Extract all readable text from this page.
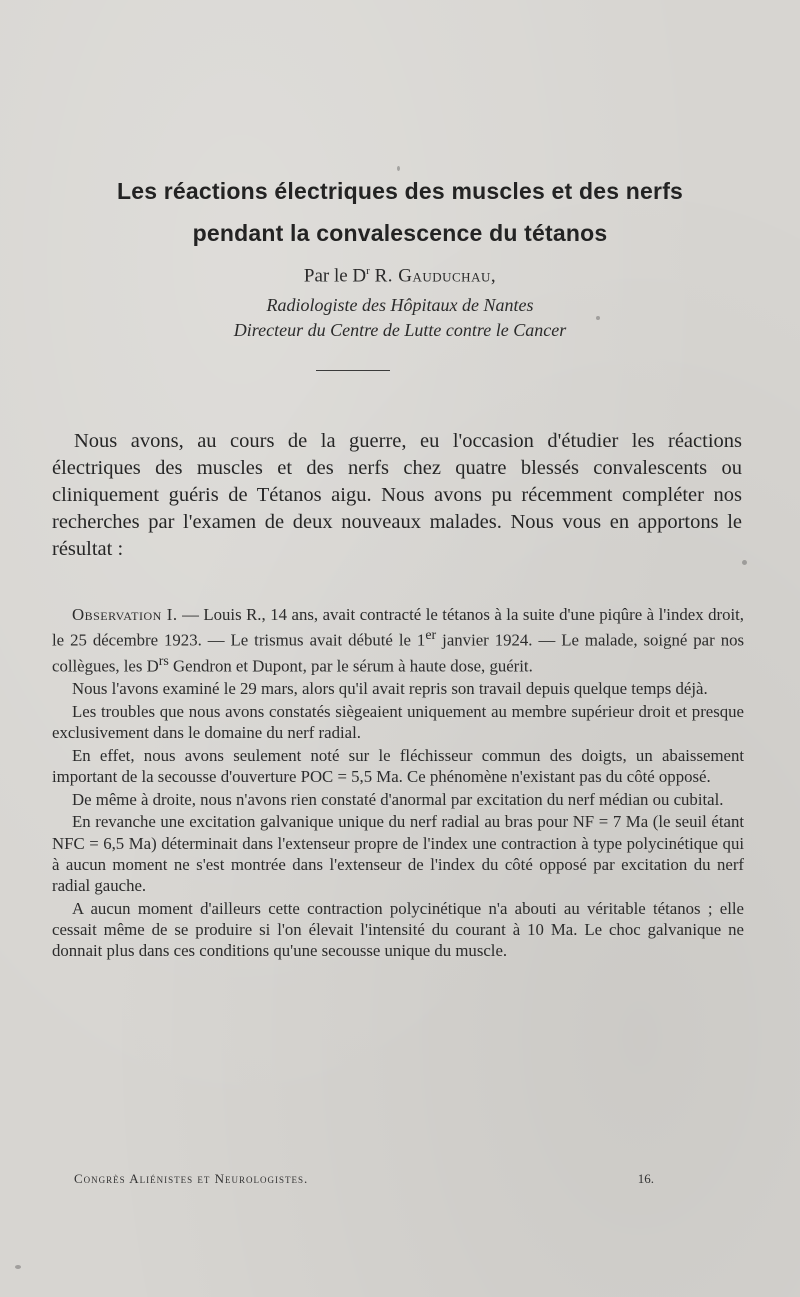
Les réactions électriques des muscles et des nerfs
pendant la convalescence du tétanos
Par le $D^r$ R. Gauduchau,
Radiologiste des Hôpitaux de Nantes
Directeur du Centre de Lutte contre le Cancer

Nous avons, au cours de la guerre, eu l'occasion d'étudier les réactions électriques des muscles et des nerfs chez quatre blessés convalescents ou cliniquement guéris de Tétanos aigu. Nous avons pu récemment compléter nos recherches par l'examen de deux nouveaux malades. Nous vous en apportons le résultat :

Observation I. — Louis R., 14 ans, avait contracté le tétanos à la suite d'une piqûre à l'index droit, le 25 décembre 1923. — Le trismus avait débuté le 1er janvier 1924. — Le malade, soigné par nos collègues, les $D^{rs}$ Gendron et Dupont, par le sérum à haute dose, guérit.

Nous l'avons examiné le 29 mars, alors qu'il avait repris son travail depuis quelque temps déjà.

Les troubles que nous avons constatés siègeaient uniquement au membre supérieur droit et presque exclusivement dans le domaine du nerf radial.

En effet, nous avons seulement noté sur le fléchisseur commun des doigts, un abaissement important de la secousse d'ouverture POC = 5,5 Ma. Ce phénomène n'existant pas du côté opposé.

De même à droite, nous n'avons rien constaté d'anormal par excitation du nerf médian ou cubital.

En revanche une excitation galvanique unique du nerf radial au bras pour NF = 7 Ma (le seuil étant NFC = 6,5 Ma) déterminait dans l'extenseur propre de l'index une contraction à type polycinétique qui à aucun moment ne s'est montrée dans l'extenseur de l'index du côté opposé par excitation du nerf radial gauche.

A aucun moment d'ailleurs cette contraction polycinétique n'a abouti au véritable tétanos ; elle cessait même de se produire si l'on élevait l'intensité du courant à 10 Ma. Le choc galvanique ne donnait plus dans ces conditions qu'une secousse unique du muscle.

Congrès Aliénistes et Neurologistes.	16.
